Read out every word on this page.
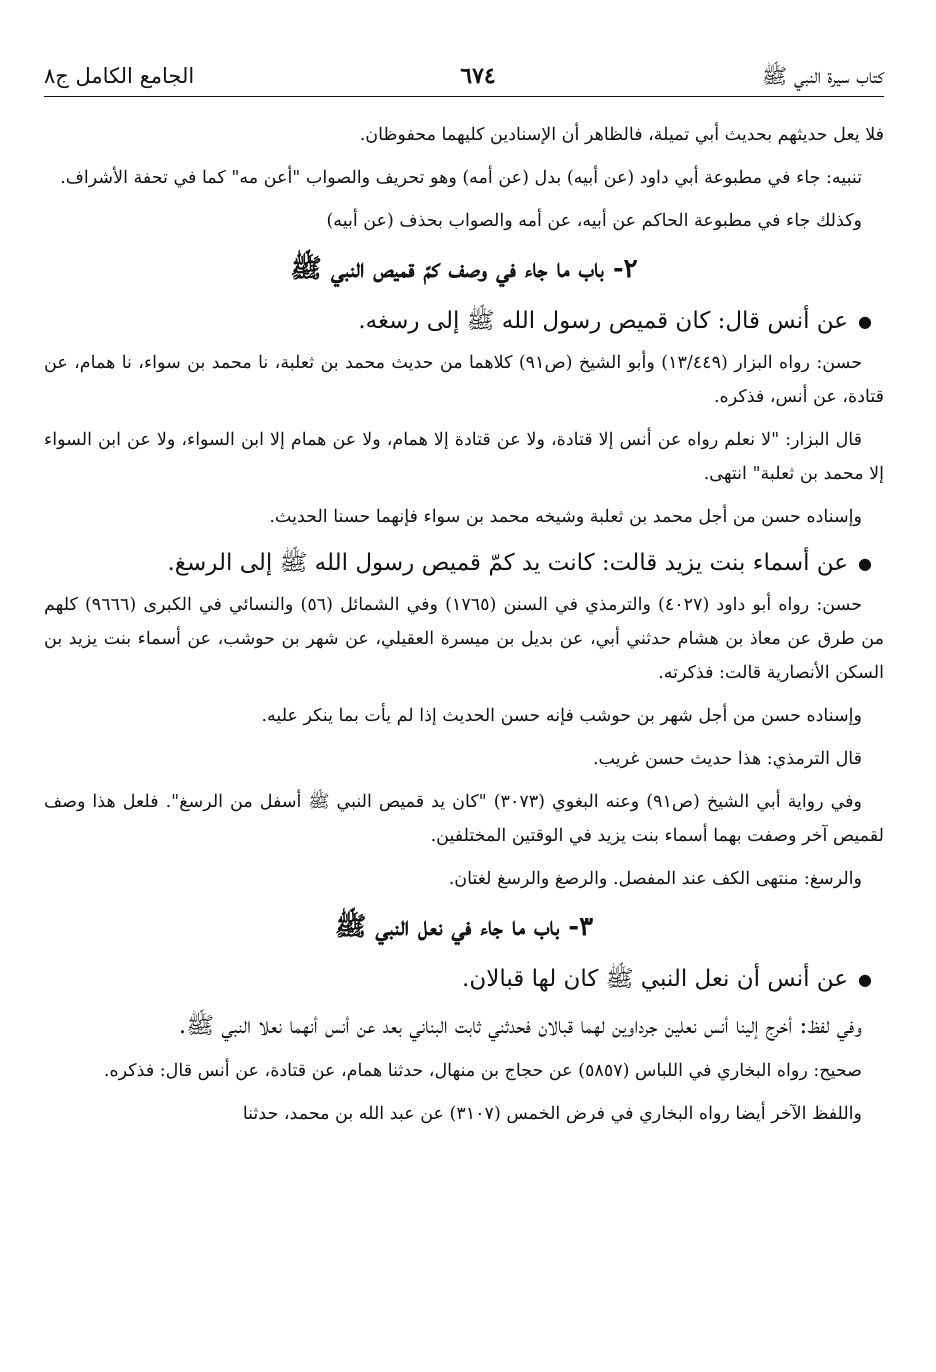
كتاب سيرة النبي ﷺ
٦٧٤
الجامع الكامل ج٨

فلا يعل حديثهم بحديث أبي تميلة، فالظاهر أن الإسنادين كليهما محفوظان.

تنبيه: جاء في مطبوعة أبي داود (عن أبيه) بدل (عن أمه) وهو تحريف والصواب "أعن مه" كما في تحفة الأشراف.

وكذلك جاء في مطبوعة الحاكم عن أبيه، عن أمه والصواب بحذف (عن أبيه)

٢- باب ما جاء في وصف كمّ قميص النبي ﷺ

●عن أنس قال: كان قميص رسول الله ﷺ إلى رسغه.

حسن: رواه البزار (١٣/٤٤٩) وأبو الشيخ (ص٩١) كلاهما من حديث محمد بن ثعلبة، نا محمد بن سواء، نا همام، عن قتادة، عن أنس، فذكره.

قال البزار: "لا نعلم رواه عن أنس إلا قتادة، ولا عن قتادة إلا همام، ولا عن همام إلا ابن السواء، ولا عن ابن السواء إلا محمد بن ثعلبة" انتهى.

وإسناده حسن من أجل محمد بن ثعلبة وشيخه محمد بن سواء فإنهما حسنا الحديث.

●عن أسماء بنت يزيد قالت: كانت يد كمّ قميص رسول الله ﷺ إلى الرسغ.

حسن: رواه أبو داود (٤٠٢٧) والترمذي في السنن (١٧٦٥) وفي الشمائل (٥٦) والنسائي في الكبرى (٩٦٦٦) كلهم من طرق عن معاذ بن هشام حدثني أبي، عن بديل بن ميسرة العقيلي، عن شهر بن حوشب، عن أسماء بنت يزيد بن السكن الأنصارية قالت: فذكرته.

وإسناده حسن من أجل شهر بن حوشب فإنه حسن الحديث إذا لم يأت بما ينكر عليه.

قال الترمذي: هذا حديث حسن غريب.

وفي رواية أبي الشيخ (ص٩١) وعنه البغوي (٣٠٧٣) "كان يد قميص النبي ﷺ أسفل من الرسغ". فلعل هذا وصف لقميص آخر وصفت بهما أسماء بنت يزيد في الوقتين المختلفين.

والرسغ: منتهى الكف عند المفصل. والرصغ والرسغ لغتان.

٣- باب ما جاء في نعل النبي ﷺ

●عن أنس أن نعل النبي ﷺ كان لها قبالان.

وفي لفظ: أخرج إلينا أنس نعلين جرداوين لهما قبالان فحدثني ثابت البناني بعد عن أنس أنهما نعلا النبي ﷺ.

صحيح: رواه البخاري في اللباس (٥٨٥٧) عن حجاج بن منهال، حدثنا همام، عن قتادة، عن أنس قال: فذكره.

واللفظ الآخر أيضا رواه البخاري في فرض الخمس (٣١٠٧) عن عبد الله بن محمد، حدثنا
